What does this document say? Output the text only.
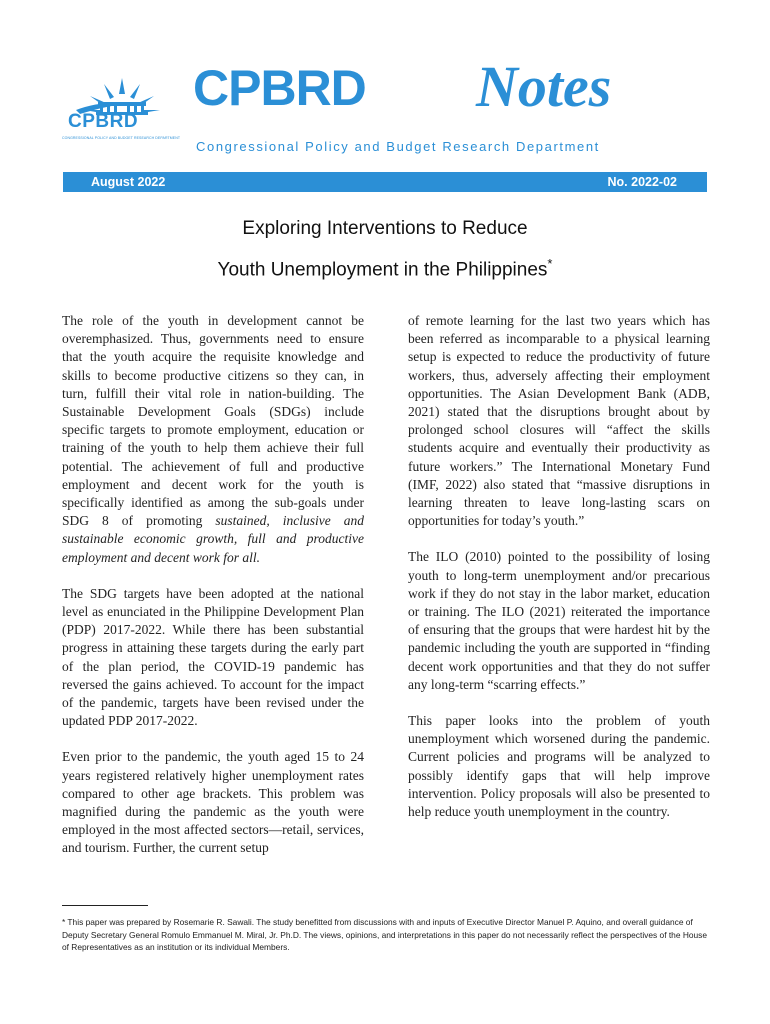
CPBRD
CONGRESSIONAL POLICY AND BUDGET RESEARCH DEPARTMENT
CPBRD Notes
Congressional Policy and Budget Research Department
August 2022	No. 2022-02
Exploring Interventions to Reduce
Youth Unemployment in the Philippines*

The role of the youth in development cannot be overemphasized. Thus, governments need to ensure that the youth acquire the requisite knowledge and skills to become productive citizens so they can, in turn, fulfill their vital role in nation-building. The Sustainable Development Goals (SDGs) include specific targets to promote employment, education or training of the youth to help them achieve their full potential. The achievement of full and productive employment and decent work for the youth is specifically identified as among the sub-goals under SDG 8 of promoting sustained, inclusive and sustainable economic growth, full and productive employment and decent work for all.

The SDG targets have been adopted at the national level as enunciated in the Philippine Development Plan (PDP) 2017-2022. While there has been substantial progress in attaining these targets during the early part of the plan period, the COVID-19 pandemic has reversed the gains achieved. To account for the impact of the pandemic, targets have been revised under the updated PDP 2017-2022.

Even prior to the pandemic, the youth aged 15 to 24 years registered relatively higher unemployment rates compared to other age brackets. This problem was magnified during the pandemic as the youth were employed in the most affected sectors—retail, services, and tourism. Further, the current setup

of remote learning for the last two years which has been referred as incomparable to a physical learning setup is expected to reduce the productivity of future workers, thus, adversely affecting their employment opportunities. The Asian Development Bank (ADB, 2021) stated that the disruptions brought about by prolonged school closures will “affect the skills students acquire and eventually their productivity as future workers.” The International Monetary Fund (IMF, 2022) also stated that “massive disruptions in learning threaten to leave long-lasting scars on opportunities for today’s youth.”

The ILO (2010) pointed to the possibility of losing youth to long-term unemployment and/or precarious work if they do not stay in the labor market, education or training. The ILO (2021) reiterated the importance of ensuring that the groups that were hardest hit by the pandemic including the youth are supported in “finding decent work opportunities and that they do not suffer any long-term “scarring effects.”

This paper looks into the problem of youth unemployment which worsened during the pandemic. Current policies and programs will be analyzed to possibly identify gaps that will help improve intervention. Policy proposals will also be presented to help reduce youth unemployment in the country.

* This paper was prepared by Rosemarie R. Sawali. The study benefitted from discussions with and inputs of Executive Director Manuel P. Aquino, and overall guidance of Deputy Secretary General Romulo Emmanuel M. Miral, Jr. Ph.D. The views, opinions, and interpretations in this paper do not necessarily reflect the perspectives of the House of Representatives as an institution or its individual Members.
